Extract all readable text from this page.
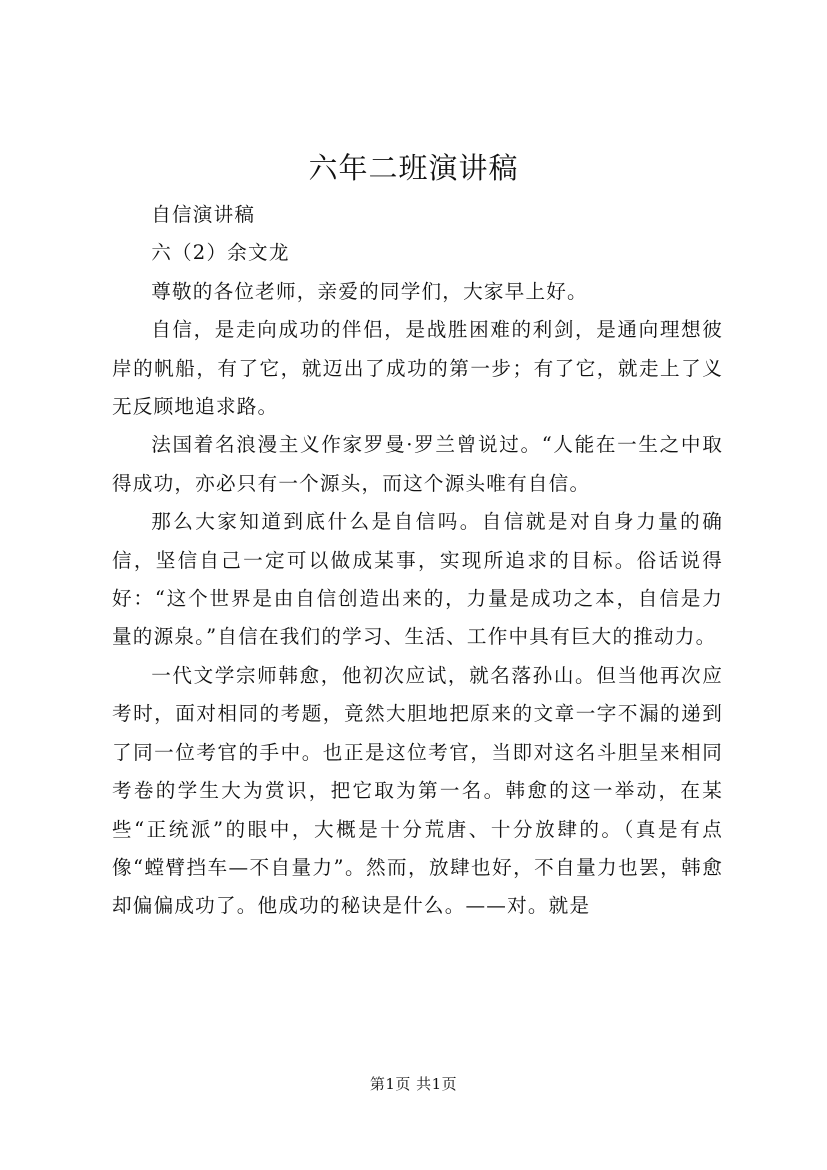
六年二班演讲稿

自信演讲稿

六（2）余文龙

尊敬的各位老师，亲爱的同学们，大家早上好。

自信，是走向成功的伴侣，是战胜困难的利剑，是通向理想彼岸的帆船，有了它，就迈出了成功的第一步；有了它，就走上了义无反顾地追求路。

法国着名浪漫主义作家罗曼·罗兰曾说过。“人能在一生之中取得成功，亦必只有一个源头，而这个源头唯有自信。

那么大家知道到底什么是自信吗。自信就是对自身力量的确信，坚信自己一定可以做成某事，实现所追求的目标。俗话说得好：“这个世界是由自信创造出来的，力量是成功之本，自信是力量的源泉。”自信在我们的学习、生活、工作中具有巨大的推动力。

一代文学宗师韩愈，他初次应试，就名落孙山。但当他再次应考时，面对相同的考题，竟然大胆地把原来的文章一字不漏的递到了同一位考官的手中。也正是这位考官，当即对这名斗胆呈来相同考卷的学生大为赏识，把它取为第一名。韩愈的这一举动，在某些“正统派”的眼中，大概是十分荒唐、十分放肆的。（真是有点像“螳臂挡车—不自量力”。然而，放肆也好，不自量力也罢，韩愈却偏偏成功了。他成功的秘诀是什么。——对。就是

第1页 共1页
